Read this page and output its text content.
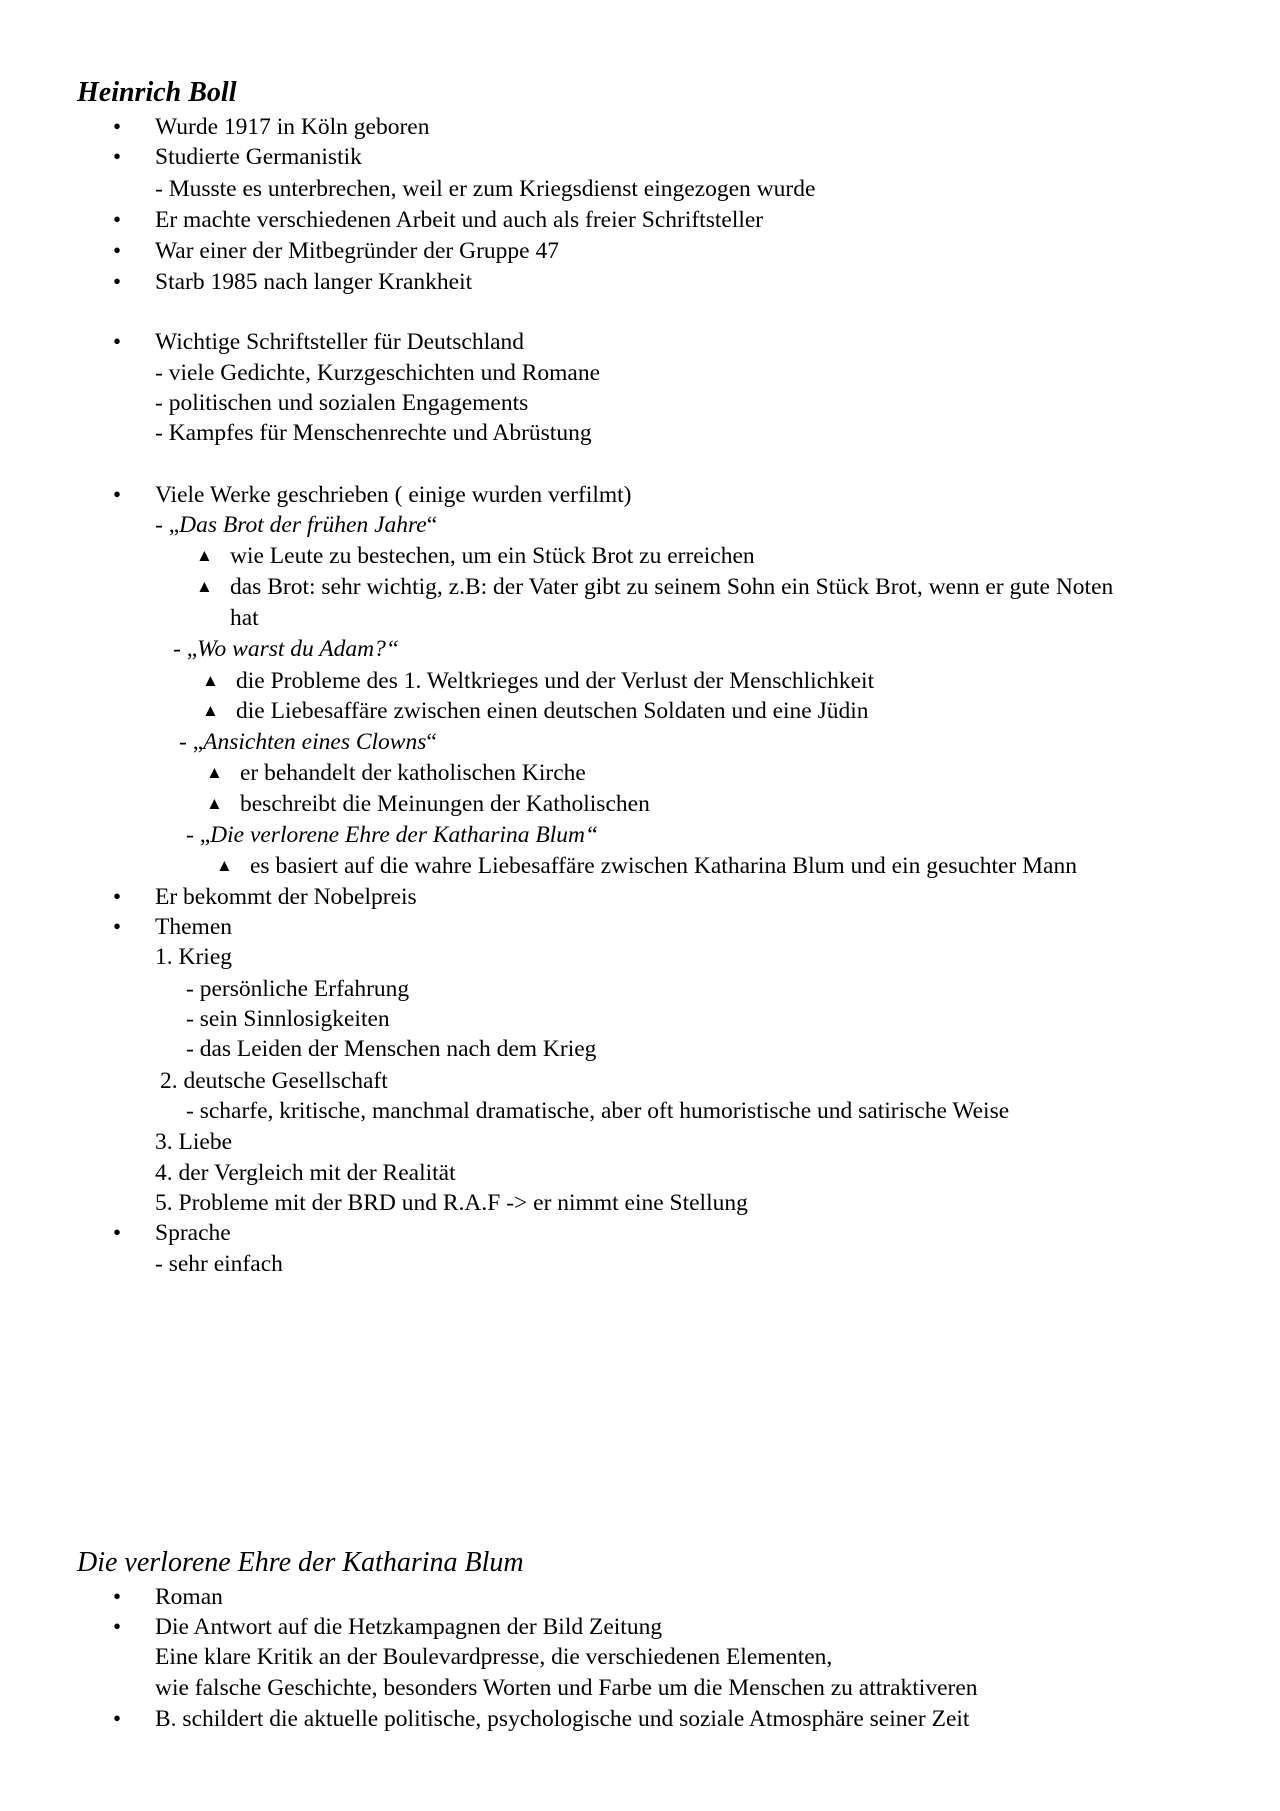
Heinrich Boll
• Wurde 1917 in Köln geboren
• Studierte Germanistik
- Musste es unterbrechen, weil er zum Kriegsdienst eingezogen wurde
• Er machte verschiedenen Arbeit und auch als freier Schriftsteller
• War einer der Mitbegründer der Gruppe 47
• Starb 1985 nach langer Krankheit
• Wichtige Schriftsteller für Deutschland
- viele Gedichte, Kurzgeschichten und Romane
- politischen und sozialen Engagements
- Kampfes für Menschenrechte und Abrüstung
• Viele Werke geschrieben ( einige wurden verfilmt)
- „Das Brot der frühen Jahre“
▲ wie Leute zu bestechen, um ein Stück Brot zu erreichen
▲ das Brot: sehr wichtig, z.B: der Vater gibt zu seinem Sohn ein Stück Brot, wenn er gute Noten
hat
- „Wo warst du Adam?“
▲ die Probleme des 1. Weltkrieges und der Verlust der Menschlichkeit
▲ die Liebesaffäre zwischen einen deutschen Soldaten und eine Jüdin
- „Ansichten eines Clowns“
▲ er behandelt der katholischen Kirche
▲ beschreibt die Meinungen der Katholischen
- „Die verlorene Ehre der Katharina Blum“
▲ es basiert auf die wahre Liebesaffäre zwischen Katharina Blum und ein gesuchter Mann
• Er bekommt der Nobelpreis
• Themen
1. Krieg
- persönliche Erfahrung
- sein Sinnlosigkeiten
- das Leiden der Menschen nach dem Krieg
2. deutsche Gesellschaft
- scharfe, kritische, manchmal dramatische, aber oft humoristische und satirische Weise
3. Liebe
4. der Vergleich mit der Realität
5. Probleme mit der BRD und R.A.F -> er nimmt eine Stellung
• Sprache
- sehr einfach
Die verlorene Ehre der Katharina Blum
• Roman
• Die Antwort auf die Hetzkampagnen der Bild Zeitung
Eine klare Kritik an der Boulevardpresse, die verschiedenen Elementen,
wie falsche Geschichte, besonders Worten und Farbe um die Menschen zu attraktiveren
• B. schildert die aktuelle politische, psychologische und soziale Atmosphäre seiner Zeit
